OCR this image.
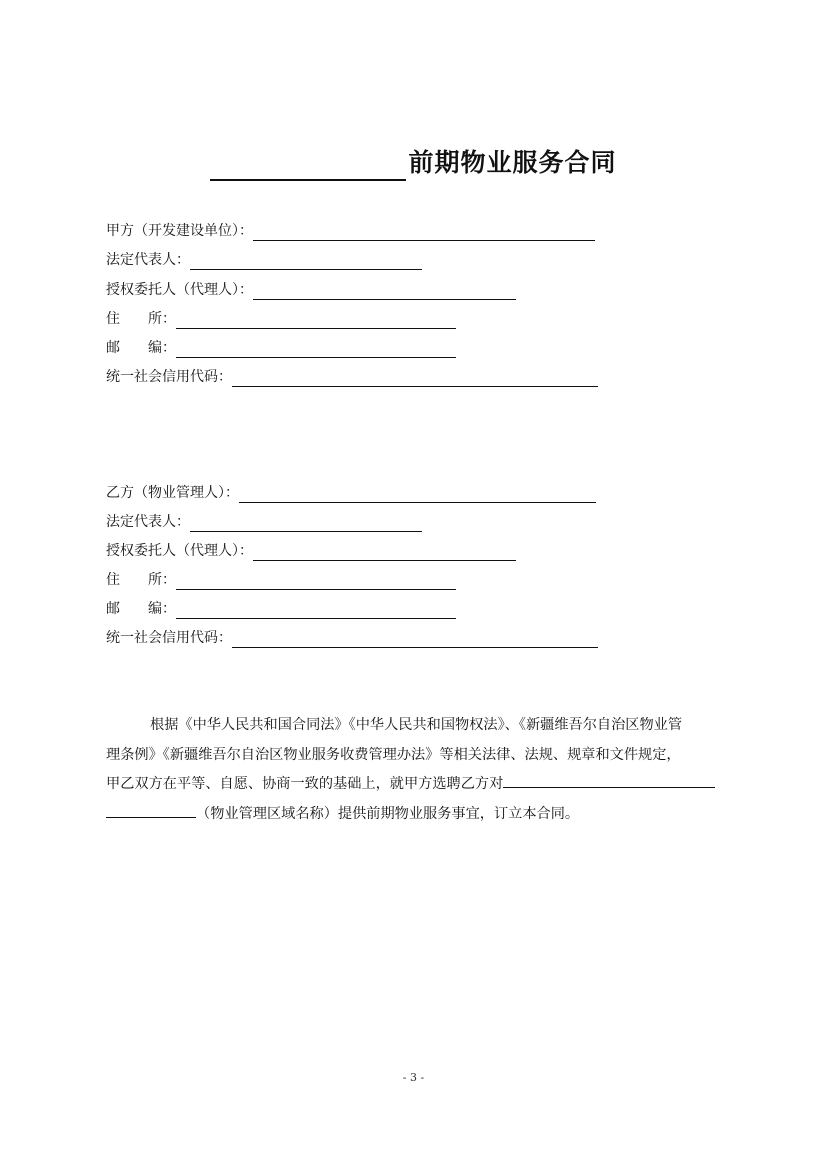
前期物业服务合同
甲方（开发建设单位）：
法定代表人：
授权委托人（代理人）：
住　　所：
邮　　编：
统一社会信用代码：
乙方（物业管理人）：
法定代表人：
授权委托人（代理人）：
住　　所：
邮　　编：
统一社会信用代码：
根据《中华人民共和国合同法》《中华人民共和国物权法》、《新疆维吾尔自治区物业管
理条例》《新疆维吾尔自治区物业服务收费管理办法》等相关法律、法规、规章和文件规定，
甲乙双方在平等、自愿、协商一致的基础上，就甲方选聘乙方对
（物业管理区域名称）提供前期物业服务事宜，订立本合同。
- 3 -
